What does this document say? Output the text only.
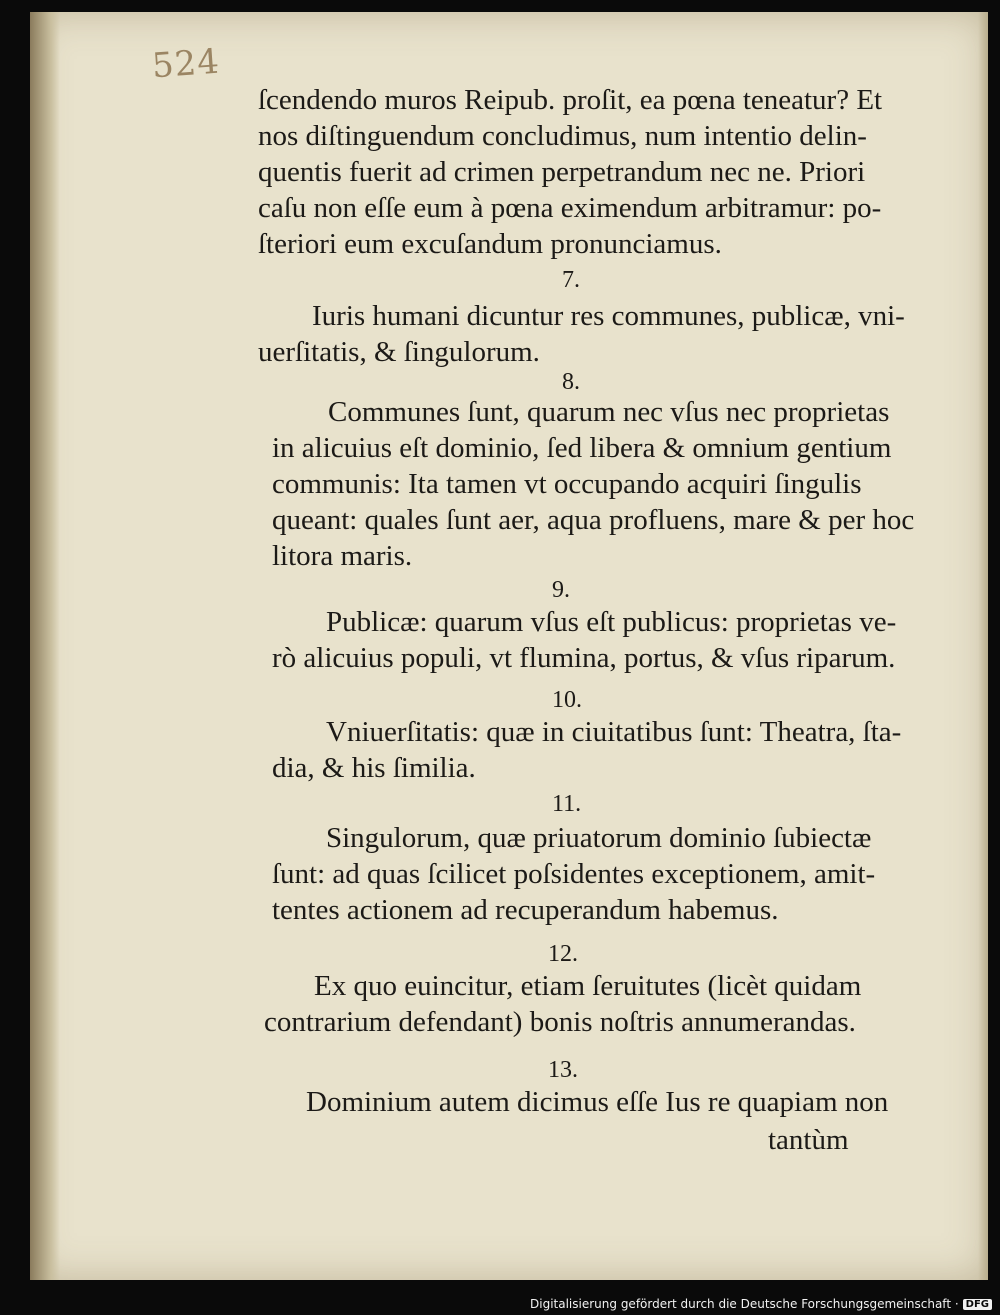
524
ſcendendo muros Reipub. proſit, ea pœna teneatur? Et
nos diſtinguendum concludimus, num intentio delin-
quentis fuerit ad crimen perpetrandum nec ne. Priori
caſu non eſſe eum à pœna eximendum arbitramur: po-
ſteriori eum excuſandum pronunciamus.
7.
Iuris humani dicuntur res communes, publicæ, vni-
uerſitatis, & ſingulorum.
8.
Communes ſunt, quarum nec vſus nec proprietas
in alicuius eſt dominio, ſed libera & omnium gentium
communis: Ita tamen vt occupando acquiri ſingulis
queant: quales ſunt aer, aqua profluens, mare & per hoc
litora maris.
9.
Publicæ: quarum vſus eſt publicus: proprietas ve-
rò alicuius populi, vt flumina, portus, & vſus riparum.
10.
Vniuerſitatis: quæ in ciuitatibus ſunt: Theatra, ſta-
dia, & his ſimilia.
11.
Singulorum, quæ priuatorum dominio ſubiectæ
ſunt: ad quas ſcilicet poſsidentes exceptionem, amit-
tentes actionem ad recuperandum habemus.
12.
Ex quo euincitur, etiam ſeruitutes (licèt quidam
contrarium defendant) bonis noſtris annumerandas.
13.
Dominium autem dicimus eſſe Ius re quapiam non
tantùm
Digitalisierung gefördert durch die Deutsche Forschungsgemeinschaft · DFG
